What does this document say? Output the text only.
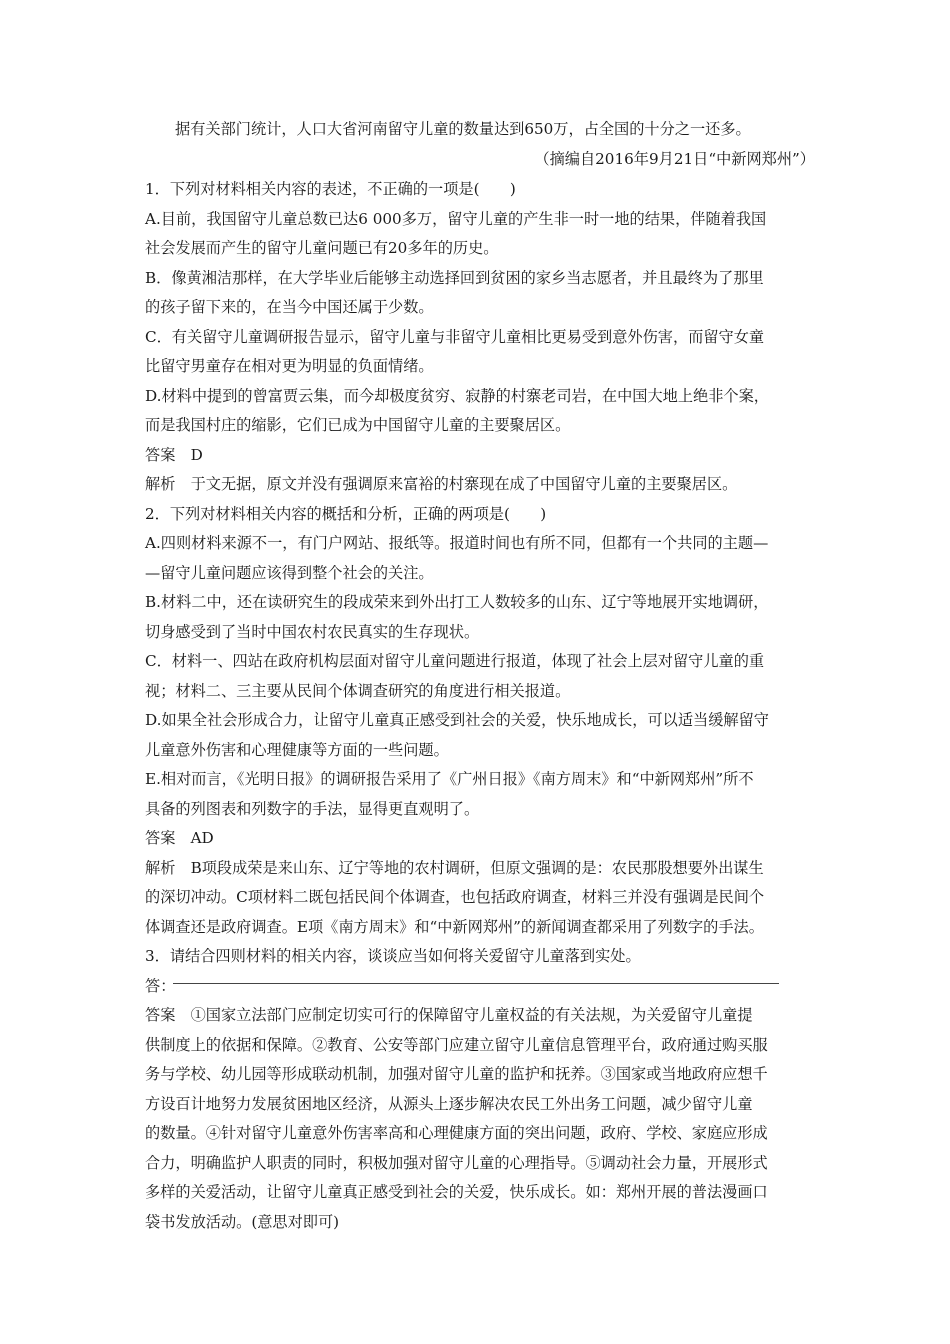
据有关部门统计，人口大省河南留守儿童的数量达到650万，占全国的十分之一还多。
（摘编自2016年9月21日“中新网郑州”）
1．下列对材料相关内容的表述，不正确的一项是(　　)
A.目前，我国留守儿童总数已达6 000多万，留守儿童的产生非一时一地的结果，伴随着我国
社会发展而产生的留守儿童问题已有20多年的历史。
B．像黄湘洁那样，在大学毕业后能够主动选择回到贫困的家乡当志愿者，并且最终为了那里
的孩子留下来的，在当今中国还属于少数。
C．有关留守儿童调研报告显示，留守儿童与非留守儿童相比更易受到意外伤害，而留守女童
比留守男童存在相对更为明显的负面情绪。
D.材料中提到的曾富贾云集，而今却极度贫穷、寂静的村寨老司岩，在中国大地上绝非个案，
而是我国村庄的缩影，它们已成为中国留守儿童的主要聚居区。
答案　D
解析　于文无据，原文并没有强调原来富裕的村寨现在成了中国留守儿童的主要聚居区。
2．下列对材料相关内容的概括和分析，正确的两项是(　　)
A.四则材料来源不一，有门户网站、报纸等。报道时间也有所不同，但都有一个共同的主题—
—留守儿童问题应该得到整个社会的关注。
B.材料二中，还在读研究生的段成荣来到外出打工人数较多的山东、辽宁等地展开实地调研，
切身感受到了当时中国农村农民真实的生存现状。
C．材料一、四站在政府机构层面对留守儿童问题进行报道，体现了社会上层对留守儿童的重
视；材料二、三主要从民间个体调查研究的角度进行相关报道。
D.如果全社会形成合力，让留守儿童真正感受到社会的关爱，快乐地成长，可以适当缓解留守
儿童意外伤害和心理健康等方面的一些问题。
E.相对而言，《光明日报》的调研报告采用了《广州日报》《南方周末》和“中新网郑州”所不
具备的列图表和列数字的手法，显得更直观明了。
答案　AD
解析　B项段成荣是来山东、辽宁等地的农村调研，但原文强调的是：农民那股想要外出谋生
的深切冲动。C项材料二既包括民间个体调查，也包括政府调查，材料三并没有强调是民间个
体调查还是政府调查。E项《南方周末》和“中新网郑州”的新闻调查都采用了列数字的手法。
3．请结合四则材料的相关内容，谈谈应当如何将关爱留守儿童落到实处。
答：
答案　①国家立法部门应制定切实可行的保障留守儿童权益的有关法规，为关爱留守儿童提
供制度上的依据和保障。②教育、公安等部门应建立留守儿童信息管理平台，政府通过购买服
务与学校、幼儿园等形成联动机制，加强对留守儿童的监护和抚养。③国家或当地政府应想千
方设百计地努力发展贫困地区经济，从源头上逐步解决农民工外出务工问题，减少留守儿童
的数量。④针对留守儿童意外伤害率高和心理健康方面的突出问题，政府、学校、家庭应形成
合力，明确监护人职责的同时，积极加强对留守儿童的心理指导。⑤调动社会力量，开展形式
多样的关爱活动，让留守儿童真正感受到社会的关爱，快乐成长。如：郑州开展的普法漫画口
袋书发放活动。(意思对即可)
